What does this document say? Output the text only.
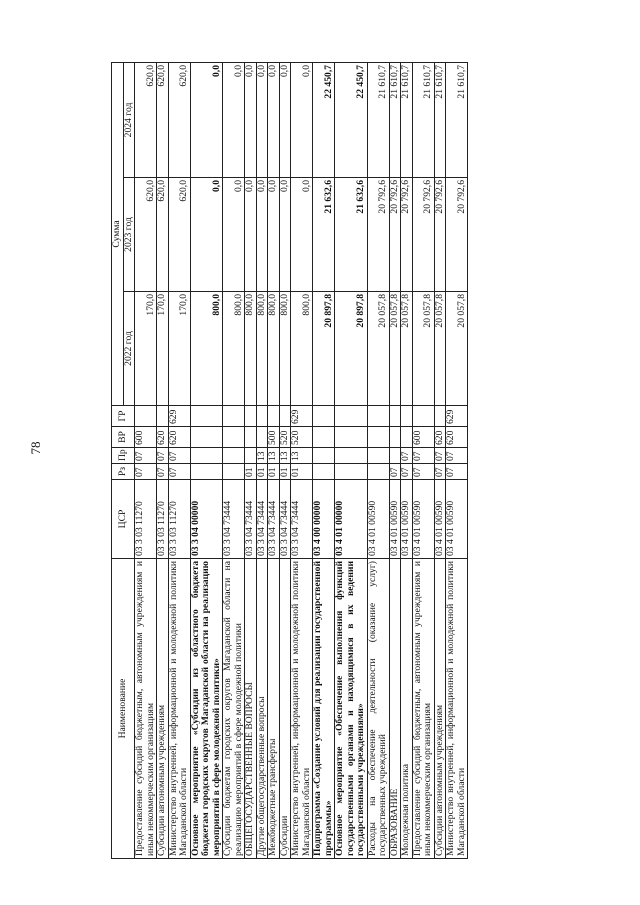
78
Наименование	ЦСР	Рз	Пр	ВР	ГР	Сумма		
						2022 год	2023 год	2024 год
Предоставление субсидий бюджетным, автономным учреждениям и иным некоммерческим организациям	03 3 03 11270	07	07	600		170,0	620,0	620,0
Субсидии автономным учреждениям	03 3 03 11270	07	07	620		170,0	620,0	620,0
Министерство внутренней, информационной и молодежной политики Магаданской области	03 3 03 11270	07	07	620	629	170,0	620,0	620,0
Основное мероприятие «Субсидии из областного бюджета бюджетам городских округов Магаданской области на реализацию мероприятий в сфере молодежной политики»	03 3 04 00000					800,0	0,0	0,0
Субсидии бюджетам городских округов Магаданской области на реализацию мероприятий в сфере молодежной политики	03 3 04 73444					800,0	0,0	0,0
ОБЩЕГОСУДАРСТВЕННЫЕ ВОПРОСЫ	03 3 04 73444	01				800,0	0,0	0,0
Другие общегосударственные вопросы	03 3 04 73444	01	13			800,0	0,0	0,0
Межбюджетные трансферты	03 3 04 73444	01	13	500		800,0	0,0	0,0
Субсидии	03 3 04 73444	01	13	520		800,0	0,0	0,0
Министерство внутренней, информационной и молодежной политики Магаданской области	03 3 04 73444	01	13	520	629	800,0	0,0	0,0
Подпрограмма «Создание условий для реализации государственной программы»	03 4 00 00000					20 897,8	21 632,6	22 450,7
Основное мероприятие «Обеспечение выполнения функций государственными органами и находящимися в их ведении государственными учреждениями»	03 4 01 00000					20 897,8	21 632,6	22 450,7
Расходы на обеспечение деятельности (оказание услуг) государственных учреждений	03 4 01 00590					20 057,8	20 792,6	21 610,7
ОБРАЗОВАНИЕ	03 4 01 00590	07				20 057,8	20 792,6	21 610,7
Молодежная политика	03 4 01 00590	07	07			20 057,8	20 792,6	21 610,7
Предоставление субсидий бюджетным, автономным учреждениям и иным некоммерческим организациям	03 4 01 00590	07	07	600		20 057,8	20 792,6	21 610,7
Субсидии автономным учреждениям	03 4 01 00590	07	07	620		20 057,8	20 792,6	21 610,7
Министерство внутренней, информационной и молодежной политики Магаданской области	03 4 01 00590	07	07	620	629	20 057,8	20 792,6	21 610,7
